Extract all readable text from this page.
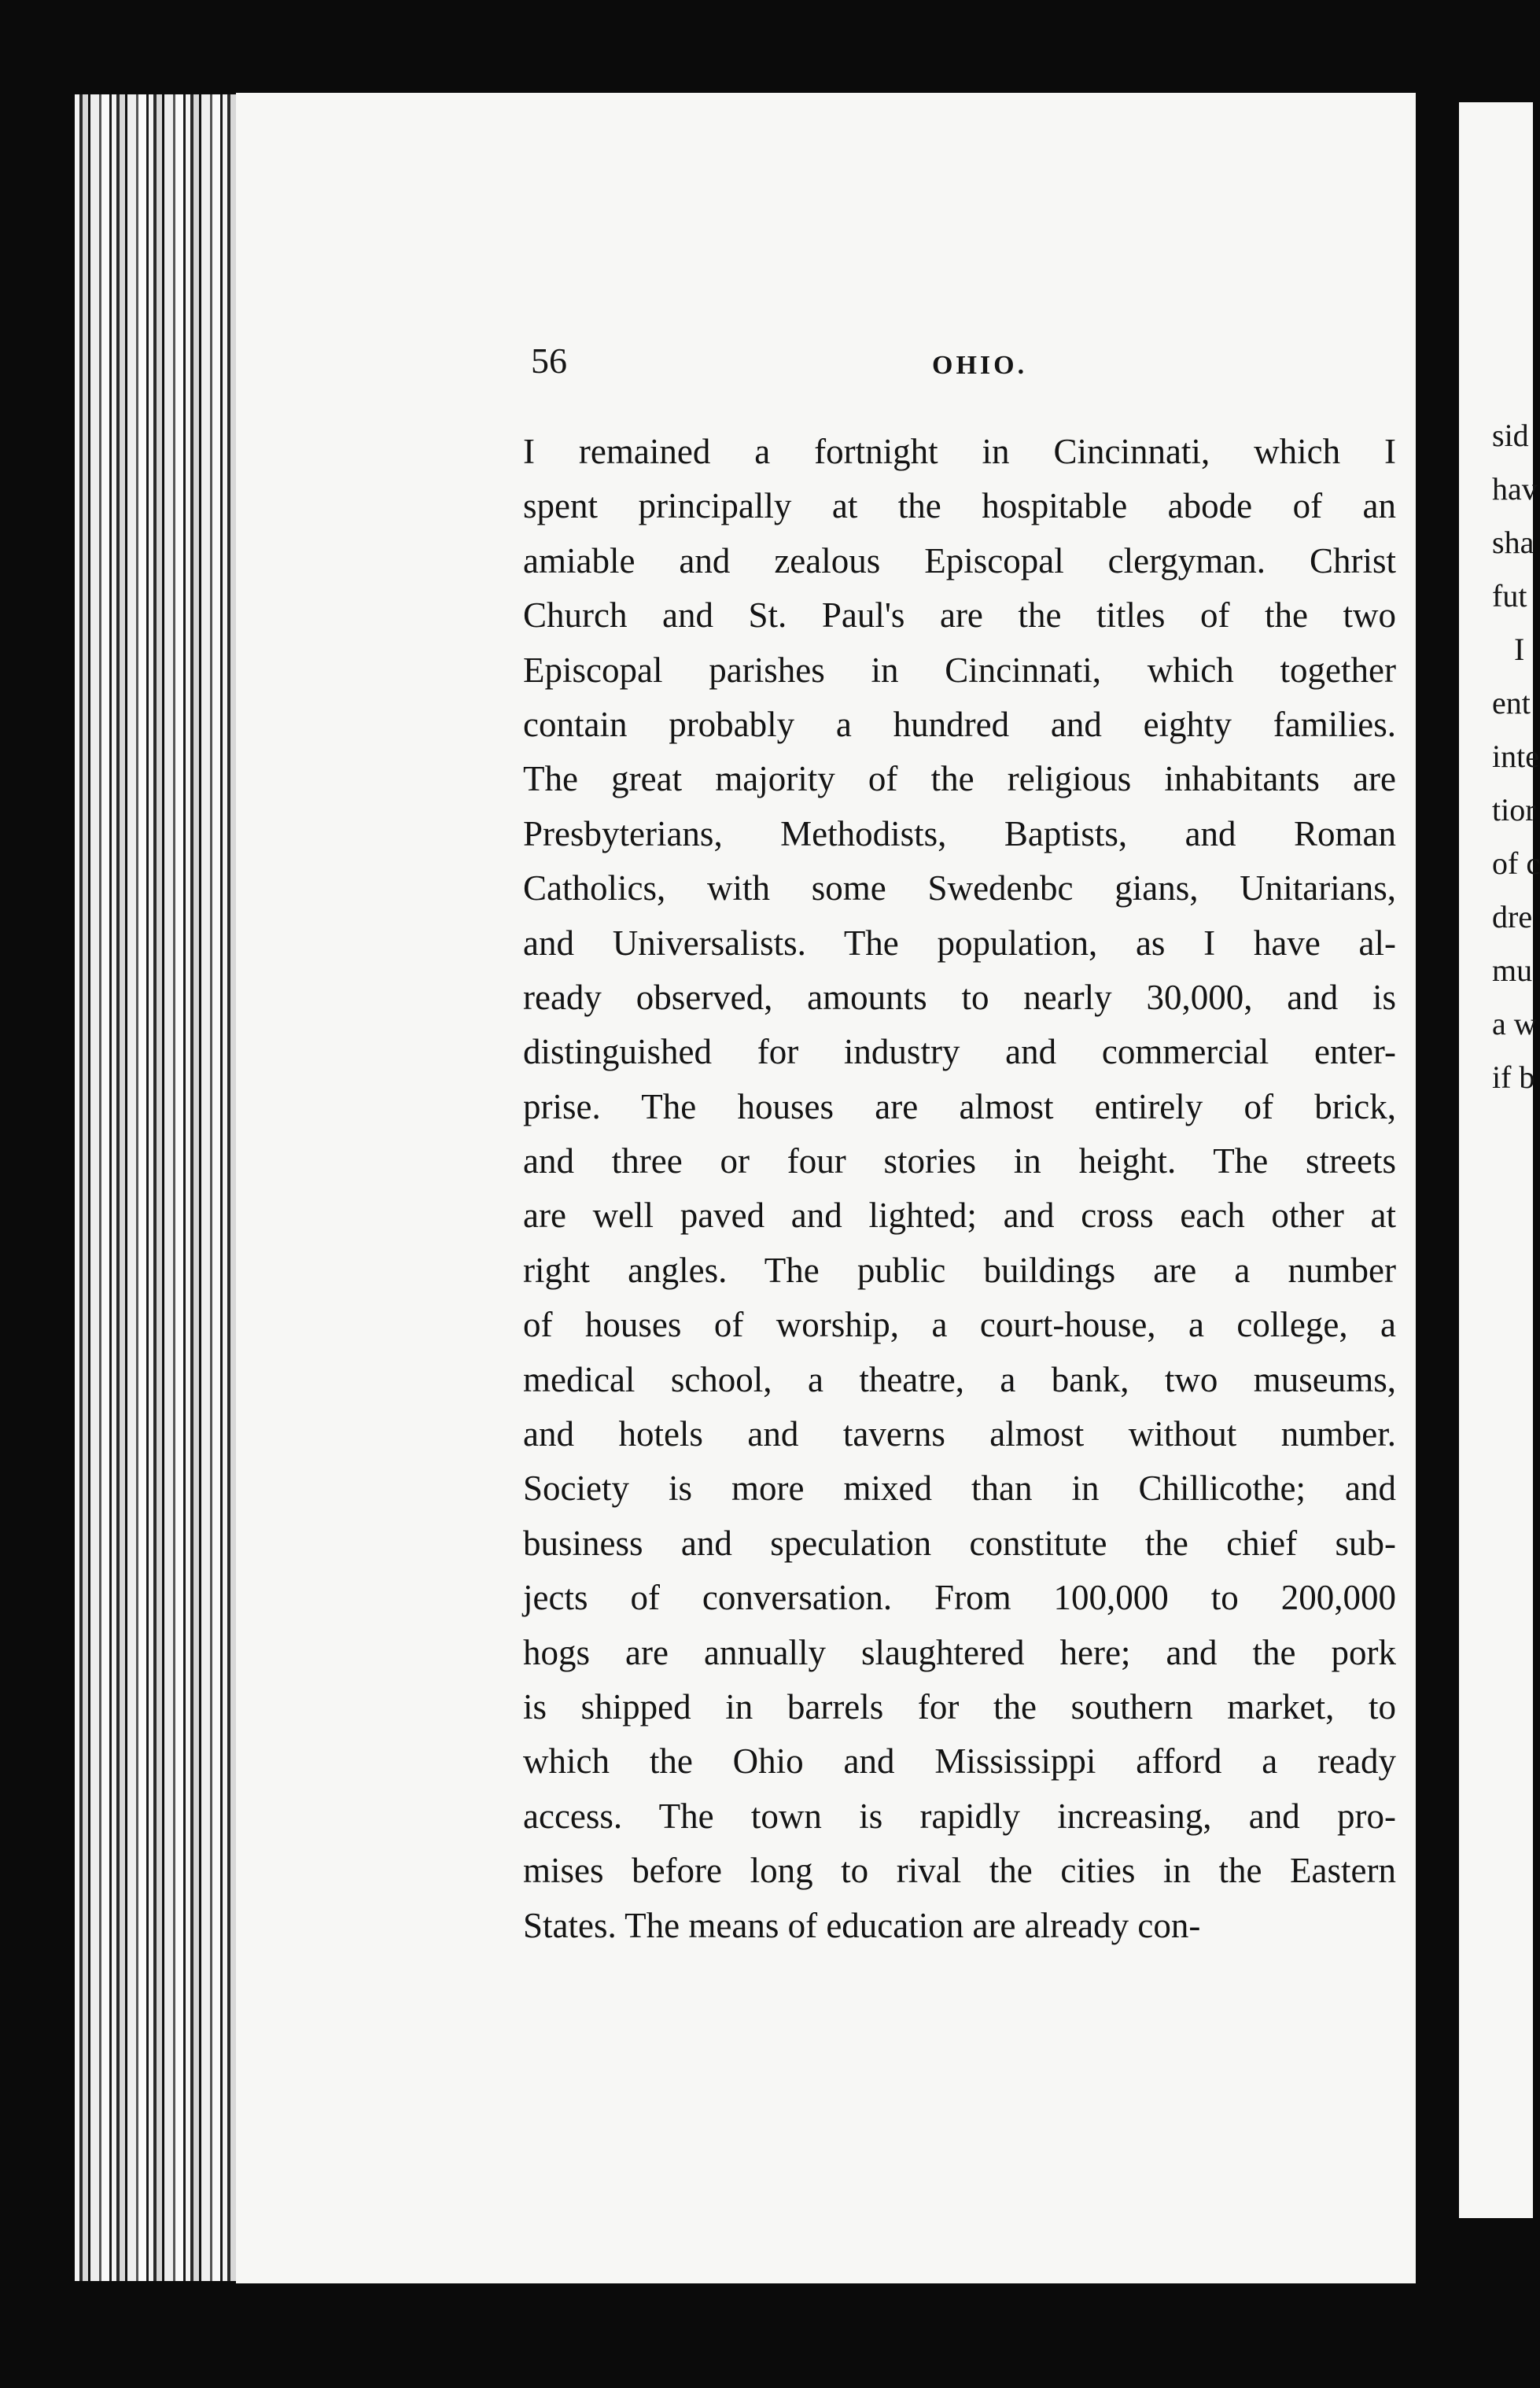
56	OHIO.
I remained a fortnight in Cincinnati, which I
spent principally at the hospitable abode of an
amiable and zealous Episcopal clergyman. Christ
Church and St. Paul's are the titles of the two
Episcopal parishes in Cincinnati, which together
contain probably a hundred and eighty families.
The great majority of the religious inhabitants are
Presbyterians, Methodists, Baptists, and Roman
Catholics, with some Swedenbc gians, Unitarians,
and Universalists. The population, as I have al-
ready observed, amounts to nearly 30,000, and is
distinguished for industry and commercial enter-
prise. The houses are almost entirely of brick,
and three or four stories in height. The streets
are well paved and lighted; and cross each other at
right angles. The public buildings are a number
of houses of worship, a court-house, a college, a
medical school, a theatre, a bank, two museums,
and hotels and taverns almost without number.
Society is more mixed than in Chillicothe; and
business and speculation constitute the chief sub-
jects of conversation. From 100,000 to 200,000
hogs are annually slaughtered here; and the pork
is shipped in barrels for the southern market, to
which the Ohio and Mississippi afford a ready
access. The town is rapidly increasing, and pro-
mises before long to rival the cities in the Eastern
States. The means of education are already con-
sid
hav
sha
fut
I
ent
inte
tior
of c
dre
mu
a w
if b
